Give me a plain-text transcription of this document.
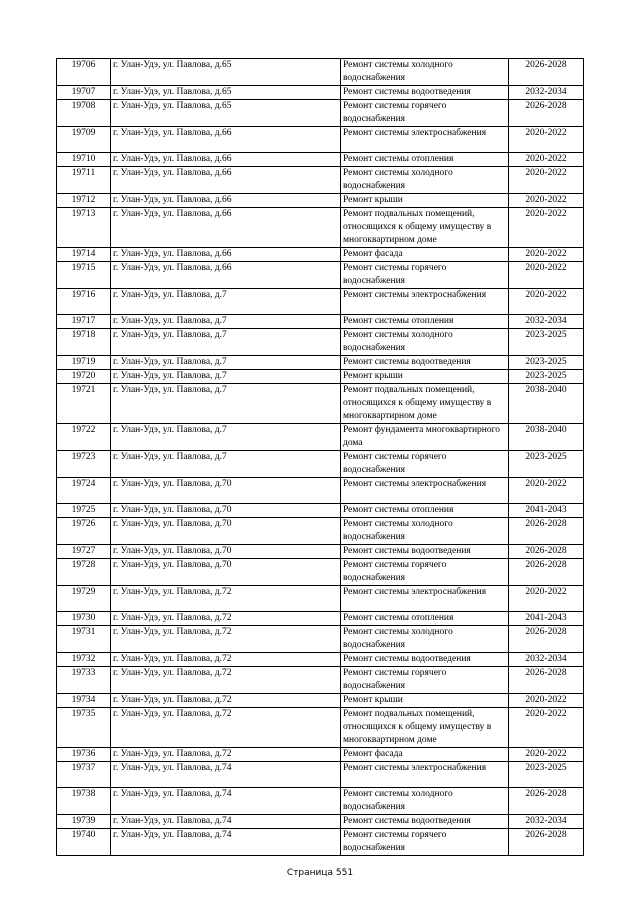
19706	г. Улан-Удэ, ул. Павлова, д.65	Ремонт системы холодного водоснабжения	2026-2028
19707	г. Улан-Удэ, ул. Павлова, д.65	Ремонт системы водоотведения	2032-2034
19708	г. Улан-Удэ, ул. Павлова, д.65	Ремонт системы горячего водоснабжения	2026-2028
19709	г. Улан-Удэ, ул. Павлова, д.66	Ремонт системы электроснабжения	2020-2022
19710	г. Улан-Удэ, ул. Павлова, д.66	Ремонт системы отопления	2020-2022
19711	г. Улан-Удэ, ул. Павлова, д.66	Ремонт системы холодного водоснабжения	2020-2022
19712	г. Улан-Удэ, ул. Павлова, д.66	Ремонт крыши	2020-2022
19713	г. Улан-Удэ, ул. Павлова, д.66	Ремонт подвальных помещений, относящихся к общему имуществу в многоквартирном доме	2020-2022
19714	г. Улан-Удэ, ул. Павлова, д.66	Ремонт фасада	2020-2022
19715	г. Улан-Удэ, ул. Павлова, д.66	Ремонт системы горячего водоснабжения	2020-2022
19716	г. Улан-Удэ, ул. Павлова, д.7	Ремонт системы электроснабжения	2020-2022
19717	г. Улан-Удэ, ул. Павлова, д.7	Ремонт системы отопления	2032-2034
19718	г. Улан-Удэ, ул. Павлова, д.7	Ремонт системы холодного водоснабжения	2023-2025
19719	г. Улан-Удэ, ул. Павлова, д.7	Ремонт системы водоотведения	2023-2025
19720	г. Улан-Удэ, ул. Павлова, д.7	Ремонт крыши	2023-2025
19721	г. Улан-Удэ, ул. Павлова, д.7	Ремонт подвальных помещений, относящихся к общему имуществу в многоквартирном доме	2038-2040
19722	г. Улан-Удэ, ул. Павлова, д.7	Ремонт фундамента многоквартирного дома	2038-2040
19723	г. Улан-Удэ, ул. Павлова, д.7	Ремонт системы горячего водоснабжения	2023-2025
19724	г. Улан-Удэ, ул. Павлова, д.70	Ремонт системы электроснабжения	2020-2022
19725	г. Улан-Удэ, ул. Павлова, д.70	Ремонт системы отопления	2041-2043
19726	г. Улан-Удэ, ул. Павлова, д.70	Ремонт системы холодного водоснабжения	2026-2028
19727	г. Улан-Удэ, ул. Павлова, д.70	Ремонт системы водоотведения	2026-2028
19728	г. Улан-Удэ, ул. Павлова, д.70	Ремонт системы горячего водоснабжения	2026-2028
19729	г. Улан-Удэ, ул. Павлова, д.72	Ремонт системы электроснабжения	2020-2022
19730	г. Улан-Удэ, ул. Павлова, д.72	Ремонт системы отопления	2041-2043
19731	г. Улан-Удэ, ул. Павлова, д.72	Ремонт системы холодного водоснабжения	2026-2028
19732	г. Улан-Удэ, ул. Павлова, д.72	Ремонт системы водоотведения	2032-2034
19733	г. Улан-Удэ, ул. Павлова, д.72	Ремонт системы горячего водоснабжения	2026-2028
19734	г. Улан-Удэ, ул. Павлова, д.72	Ремонт крыши	2020-2022
19735	г. Улан-Удэ, ул. Павлова, д.72	Ремонт подвальных помещений, относящихся к общему имуществу в многоквартирном доме	2020-2022
19736	г. Улан-Удэ, ул. Павлова, д.72	Ремонт фасада	2020-2022
19737	г. Улан-Удэ, ул. Павлова, д.74	Ремонт системы электроснабжения	2023-2025
19738	г. Улан-Удэ, ул. Павлова, д.74	Ремонт системы холодного водоснабжения	2026-2028
19739	г. Улан-Удэ, ул. Павлова, д.74	Ремонт системы водоотведения	2032-2034
19740	г. Улан-Удэ, ул. Павлова, д.74	Ремонт системы горячего водоснабжения	2026-2028
Страница 551
